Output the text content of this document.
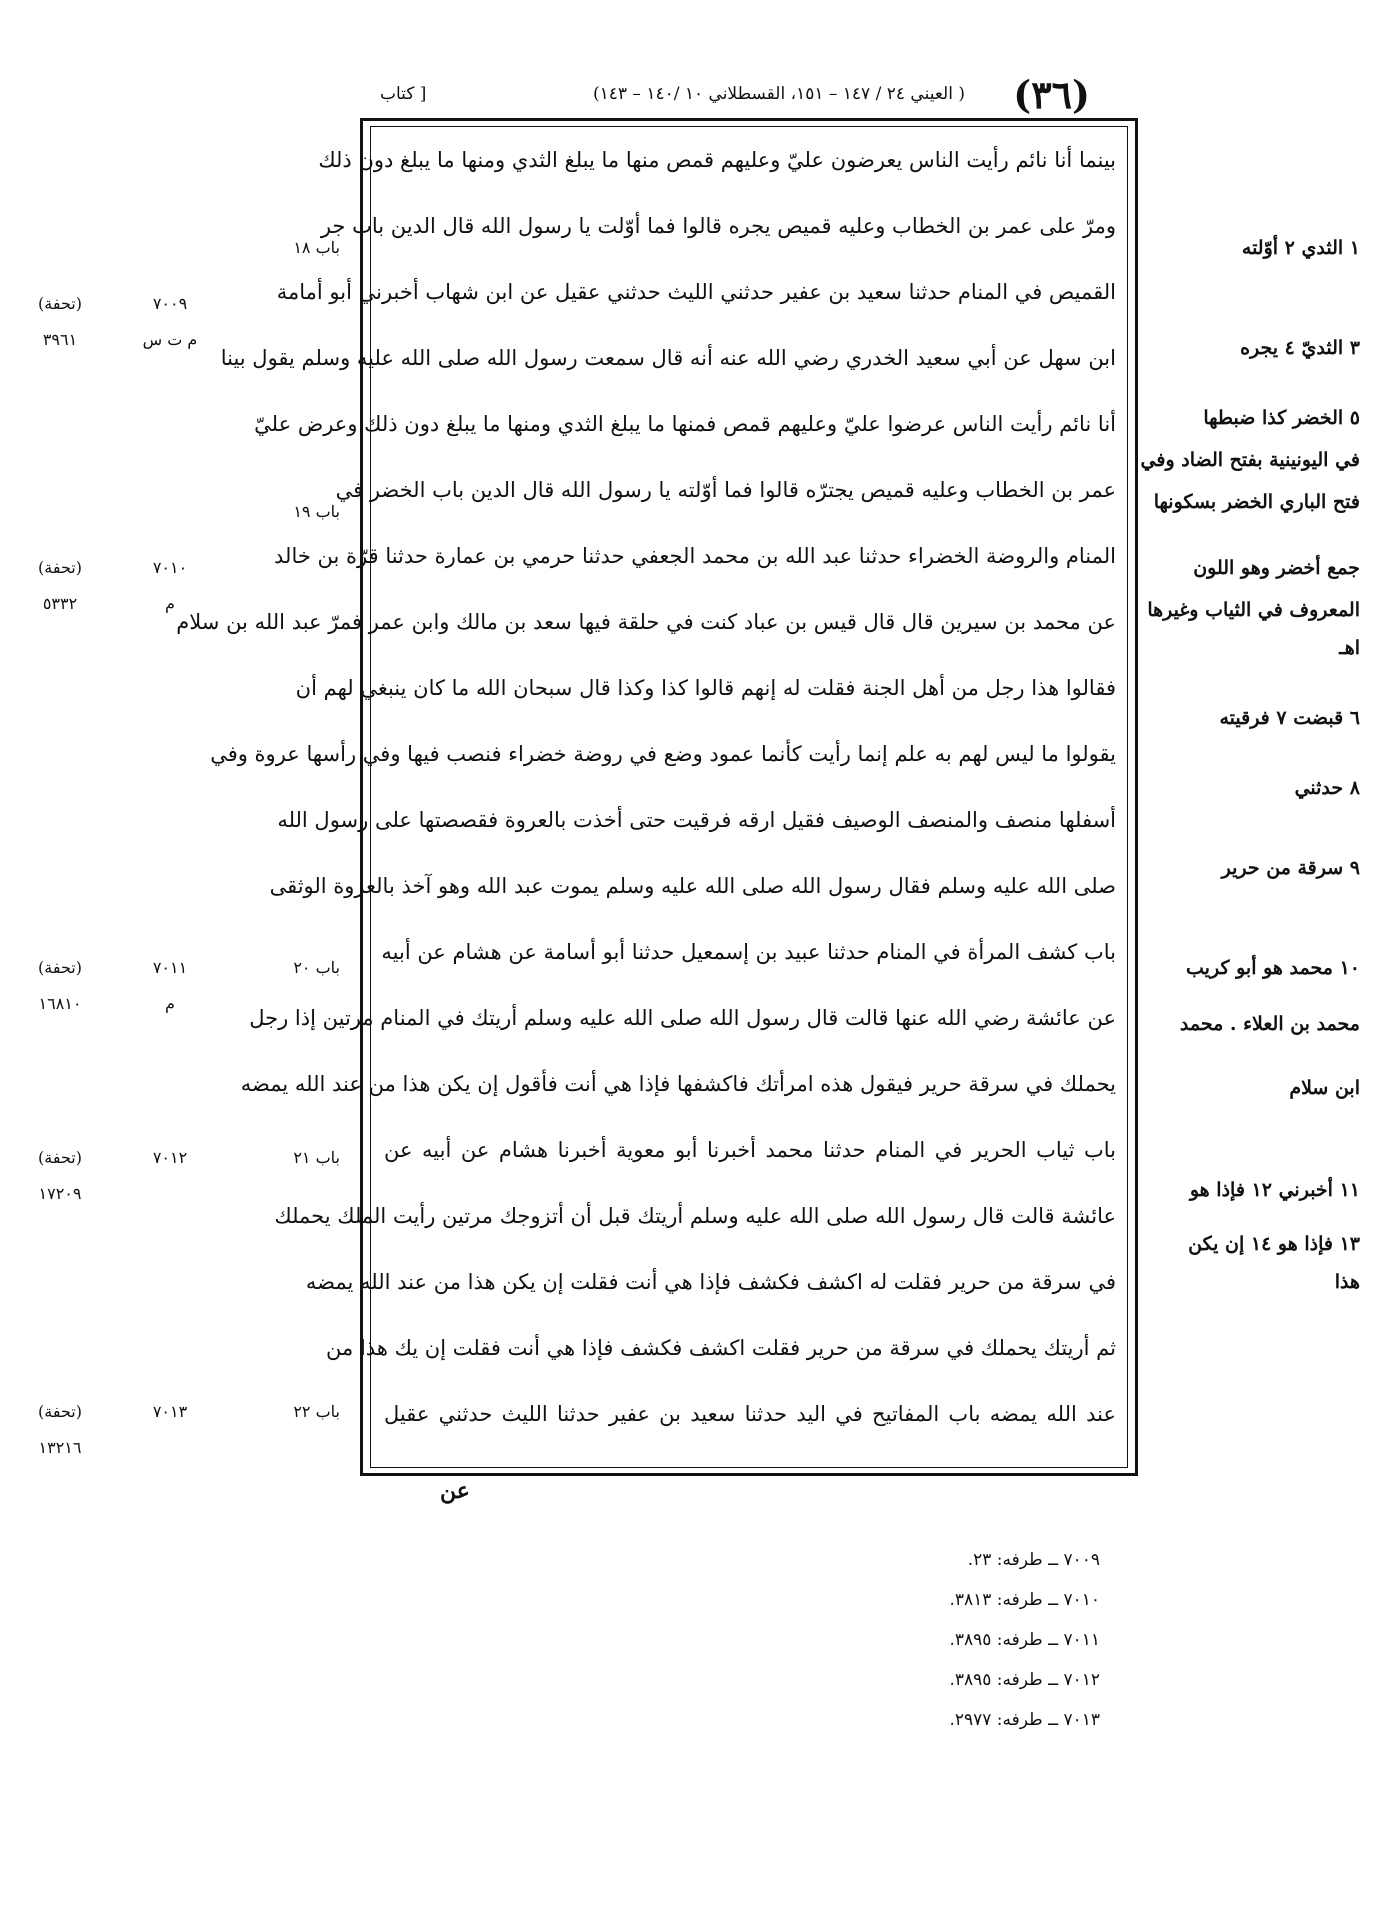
(٣٦)
( العيني ٢٤ / ١٤٧ – ١٥١، القسطلاني ١٠ /١٤٠ – ١٤٣)
[ كتاب
بينما أنا نائم رأيت الناس يعرضون عليّ وعليهم قمص منها ما يبلغ الثدي ومنها ما يبلغ دون ذلك
ومرّ على عمر بن الخطاب وعليه قميص يجره قالوا فما أوّلت يا رسول الله قال الدين باب جر
القميص في المنام حدثنا سعيد بن عفير حدثني الليث حدثني عقيل عن ابن شهاب أخبرني أبو أمامة
ابن سهل عن أبي سعيد الخدري رضي الله عنه أنه قال سمعت رسول الله صلى الله عليه وسلم يقول بينا
أنا نائم رأيت الناس عرضوا عليّ وعليهم قمص فمنها ما يبلغ الثدي ومنها ما يبلغ دون ذلك وعرض عليّ
عمر بن الخطاب وعليه قميص يجترّه قالوا فما أوّلته يا رسول الله قال الدين باب الخضر في
المنام والروضة الخضراء حدثنا عبد الله بن محمد الجعفي حدثنا حرمي بن عمارة حدثنا قرّة بن خالد
عن محمد بن سيرين قال قال قيس بن عباد كنت في حلقة فيها سعد بن مالك وابن عمر فمرّ عبد الله بن سلام
فقالوا هذا رجل من أهل الجنة فقلت له إنهم قالوا كذا وكذا قال سبحان الله ما كان ينبغي لهم أن
يقولوا ما ليس لهم به علم إنما رأيت كأنما عمود وضع في روضة خضراء فنصب فيها وفي رأسها عروة وفي
أسفلها منصف والمنصف الوصيف فقيل ارقه فرقيت حتى أخذت بالعروة فقصصتها على رسول الله
صلى الله عليه وسلم فقال رسول الله صلى الله عليه وسلم يموت عبد الله وهو آخذ بالعروة الوثقى
باب كشف المرأة في المنام حدثنا عبيد بن إسمعيل حدثنا أبو أسامة عن هشام عن أبيه
عن عائشة رضي الله عنها قالت قال رسول الله صلى الله عليه وسلم أريتك في المنام مرتين إذا رجل
يحملك في سرقة حرير فيقول هذه امرأتك فاكشفها فإذا هي أنت فأقول إن يكن هذا من عند الله يمضه
باب ثياب الحرير في المنام حدثنا محمد أخبرنا أبو معوية أخبرنا هشام عن أبيه عن
عائشة قالت قال رسول الله صلى الله عليه وسلم أريتك قبل أن أتزوجك مرتين رأيت الملك يحملك
في سرقة من حرير فقلت له اكشف فكشف فإذا هي أنت فقلت إن يكن هذا من عند الله يمضه
ثم أريتك يحملك في سرقة من حرير فقلت اكشف فكشف فإذا هي أنت فقلت إن يك هذا من
عند الله يمضه باب المفاتيح في اليد حدثنا سعيد بن عفير حدثنا الليث حدثني عقيل
باب ١٨
٧٠٠٩
(تحفة)
م ت س
٣٩٦١
باب ١٩
٧٠١٠
(تحفة)
م
٥٣٣٢
باب ٢٠
٧٠١١
(تحفة)
م
١٦٨١٠
باب ٢١
٧٠١٢
(تحفة)
١٧٢٠٩
باب ٢٢
٧٠١٣
(تحفة)
١٣٢١٦
١ الثدي ٢ أوّلته
٣ الثديّ ٤ يجره
٥ الخضر كذا ضبطها
في اليونينية بفتح الضاد وفي
فتح الباري الخضر بسكونها
جمع أخضر وهو اللون
المعروف في الثياب وغيرها
اهـ
٦ قبضت ٧ فرقيته
٨ حدثني
٩ سرقة من حرير
١٠ محمد هو أبو كريب
محمد بن العلاء . محمد
ابن سلام
١١ أخبرني ١٢ فإذا هو
١٣ فإذا هو ١٤ إن يكن
هذا
عن
٧٠٠٩ ــ طرفه: ٢٣.
٧٠١٠ ــ طرفه: ٣٨١٣.
٧٠١١ ــ طرفه: ٣٨٩٥.
٧٠١٢ ــ طرفه: ٣٨٩٥.
٧٠١٣ ــ طرفه: ٢٩٧٧.
